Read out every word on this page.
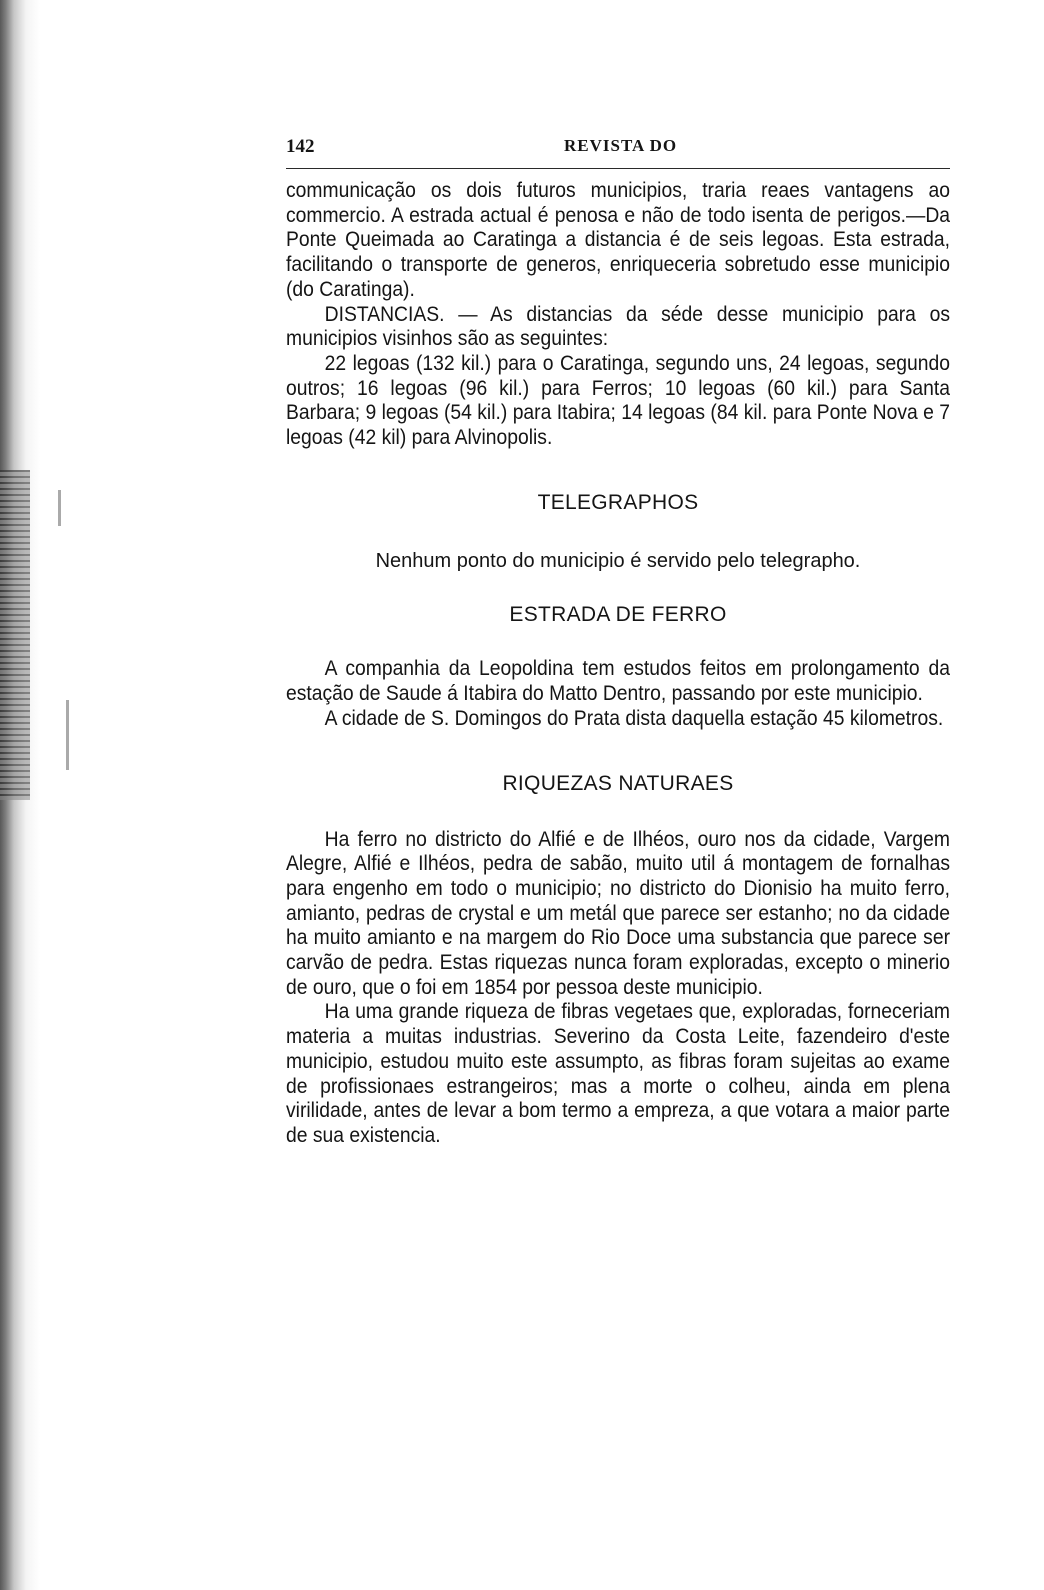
142	REVISTA DO

communicação os dois futuros municipios, traria reaes vantagens ao commercio. A estrada actual é penosa e não de todo isenta de perigos.—Da Ponte Queimada ao Caratinga a distancia é de seis legoas. Esta estrada, facilitando o transporte de generos, enriqueceria sobretudo esse municipio (do Caratinga).

DISTANCIAS. — As distancias da séde desse municipio para os municipios visinhos são as seguintes:

22 legoas (132 kil.) para o Caratinga, segundo uns, 24 legoas, segundo outros; 16 legoas (96 kil.) para Ferros; 10 legoas (60 kil.) para Santa Barbara; 9 legoas (54 kil.) para Itabira; 14 legoas (84 kil. para Ponte Nova e 7 legoas (42 kil) para Alvinopolis.

TELEGRAPHOS

Nenhum ponto do municipio é servido pelo telegrapho.

ESTRADA DE FERRO

A companhia da Leopoldina tem estudos feitos em prolongamento da estação de Saude á Itabira do Matto Dentro, passando por este municipio.

A cidade de S. Domingos do Prata dista daquella estação 45 kilometros.

RIQUEZAS NATURAES

Ha ferro no districto do Alfié e de Ilhéos, ouro nos da cidade, Vargem Alegre, Alfié e Ilhéos, pedra de sabão, muito util á montagem de fornalhas para engenho em todo o municipio; no districto do Dionisio ha muito ferro, amianto, pedras de crystal e um metál que parece ser estanho; no da cidade ha muito amianto e na margem do Rio Doce uma substancia que parece ser carvão de pedra. Estas riquezas nunca foram exploradas, excepto o minerio de ouro, que o foi em 1854 por pessoa deste municipio.

Ha uma grande riqueza de fibras vegetaes que, exploradas, forneceriam materia a muitas industrias. Severino da Costa Leite, fazendeiro d'este municipio, estudou muito este assumpto, as fibras foram sujeitas ao exame de profissionaes estrangeiros; mas a morte o colheu, ainda em plena virilidade, antes de levar a bom termo a empreza, a que votara a maior parte de sua existencia.
